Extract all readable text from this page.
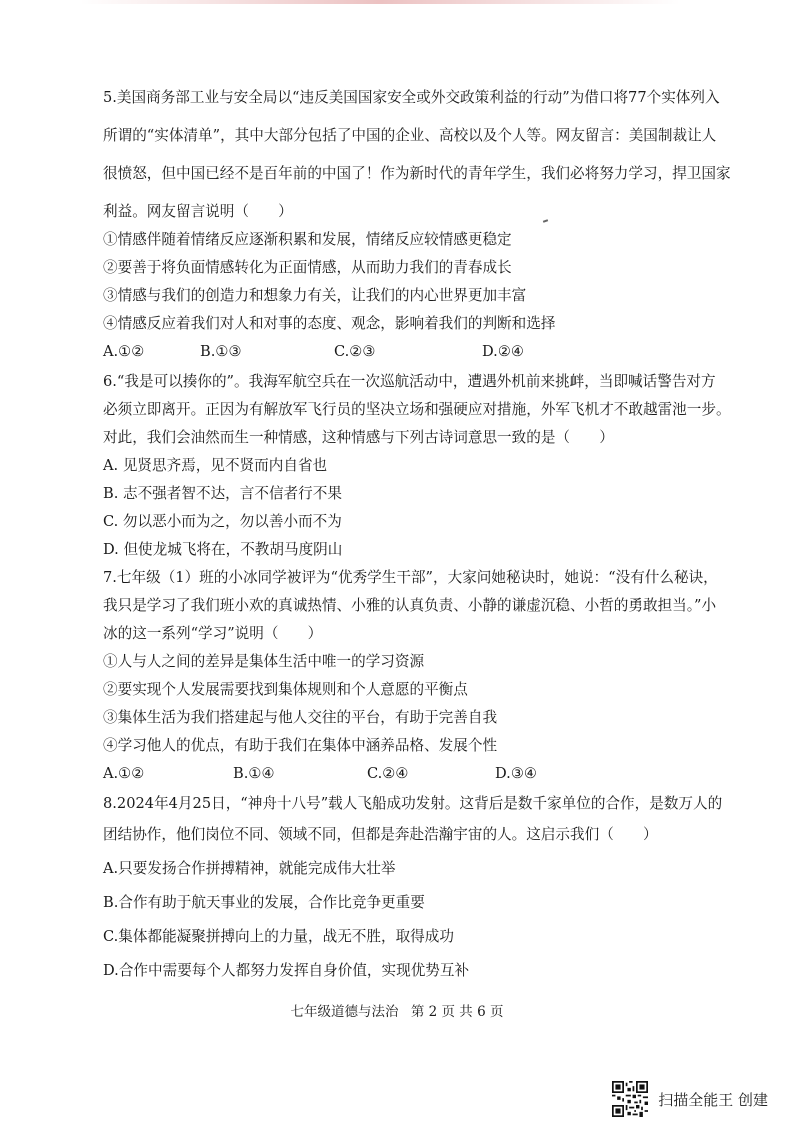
5.美国商务部工业与安全局以“违反美国国家安全或外交政策利益的行动”为借口将77个实体列入
所谓的“实体清单”，其中大部分包括了中国的企业、高校以及个人等。网友留言：美国制裁让人
很愤怒，但中国已经不是百年前的中国了！作为新时代的青年学生，我们必将努力学习，捍卫国家
利益。网友留言说明（　　）
①情感伴随着情绪反应逐渐积累和发展，情绪反应较情感更稳定
②要善于将负面情感转化为正面情感，从而助力我们的青春成长
③情感与我们的创造力和想象力有关，让我们的内心世界更加丰富
④情感反应着我们对人和对事的态度、观念，影响着我们的判断和选择
A.①②	B.①③	C.②③	D.②④
6.“我是可以揍你的”。我海军航空兵在一次巡航活动中，遭遇外机前来挑衅，当即喊话警告对方
必须立即离开。正因为有解放军飞行员的坚决立场和强硬应对措施，外军飞机才不敢越雷池一步。
对此，我们会油然而生一种情感，这种情感与下列古诗词意思一致的是（　　）
A. 见贤思齐焉，见不贤而内自省也
B. 志不强者智不达，言不信者行不果
C. 勿以恶小而为之，勿以善小而不为
D. 但使龙城飞将在，不教胡马度阴山
7.七年级（1）班的小冰同学被评为“优秀学生干部”，大家问她秘诀时，她说：“没有什么秘诀，
我只是学习了我们班小欢的真诚热情、小雅的认真负责、小静的谦虚沉稳、小哲的勇敢担当。”小
冰的这一系列“学习”说明（　　）
①人与人之间的差异是集体生活中唯一的学习资源
②要实现个人发展需要找到集体规则和个人意愿的平衡点
③集体生活为我们搭建起与他人交往的平台，有助于完善自我
④学习他人的优点，有助于我们在集体中涵养品格、发展个性
A.①②	B.①④	C.②④	D.③④
8.2024年4月25日，“神舟十八号”载人飞船成功发射。这背后是数千家单位的合作，是数万人的
团结协作，他们岗位不同、领域不同，但都是奔赴浩瀚宇宙的人。这启示我们（　　）
A.只要发扬合作拼搏精神，就能完成伟大壮举
B.合作有助于航天事业的发展，合作比竞争更重要
C.集体都能凝聚拼搏向上的力量，战无不胜，取得成功
D.合作中需要每个人都努力发挥自身价值，实现优势互补
七年级道德与法治 第 2 页 共 6 页
扫描全能王 创建
